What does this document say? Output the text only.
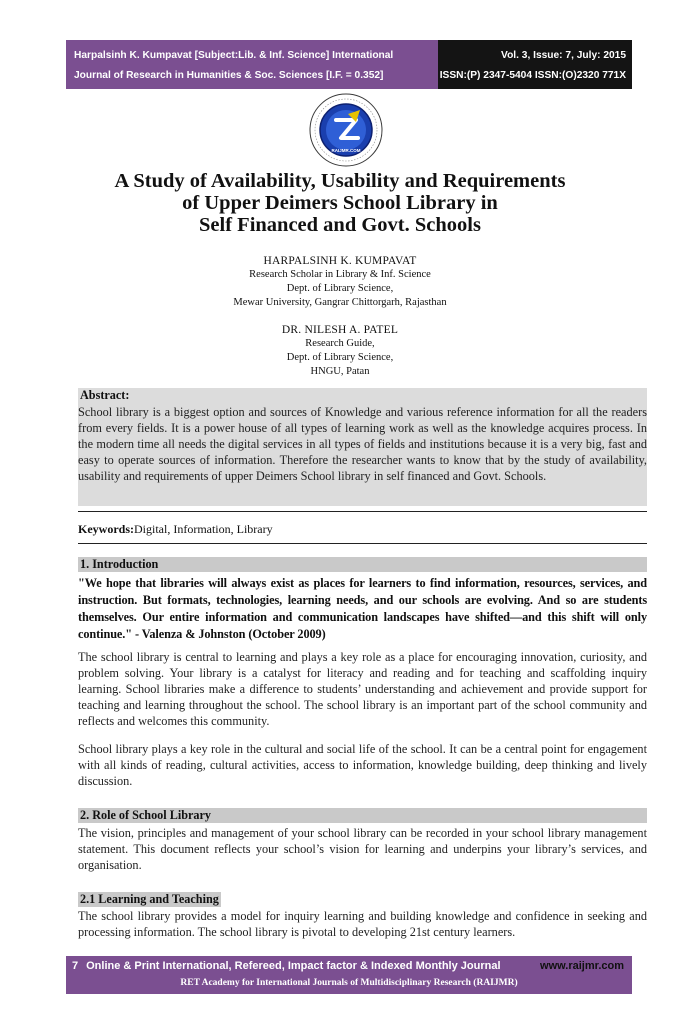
Harpalsinh K. Kumpavat [Subject:Lib. & Inf. Science] International
Journal of Research in Humanities & Soc. Sciences [I.F. = 0.352]
Vol. 3, Issue: 7, July: 2015
ISSN:(P) 2347-5404 ISSN:(O)2320 771X
RAIJMR.COM
A Study of Availability, Usability and Requirements
of Upper Deimers School Library in
Self Financed and Govt. Schools
HARPALSINH K. KUMPAVAT
Research Scholar in Library & Inf. Science
Dept. of Library Science,
Mewar University, Gangrar Chittorgarh, Rajasthan
DR. NILESH A. PATEL
Research Guide,
Dept. of Library Science,
HNGU, Patan
Abstract:

School library is a biggest option and sources of Knowledge and various reference information for all the readers from every fields. It is a power house of all types of learning work as well as the knowledge acquires process. In the modern time all needs the digital services in all types of fields and institutions because it is a very big, fast and easy to operate sources of information. Therefore the researcher wants to know that by the study of availability, usability and requirements of upper Deimers School library in self financed and Govt. Schools.

Keywords:Digital, Information, Library
1. Introduction

"We hope that libraries will always exist as places for learners to find information, resources, services, and instruction. But formats, technologies, learning needs, and our schools are evolving. And so are students themselves. Our entire information and communication landscapes have shifted—and this shift will only continue." - Valenza & Johnston (October 2009)

The school library is central to learning and plays a key role as a place for encouraging innovation, curiosity, and problem solving. Your library is a catalyst for literacy and reading and for teaching and scaffolding inquiry learning. School libraries make a difference to students’ understanding and achievement and provide support for teaching and learning throughout the school. The school library is an important part of the school community and reflects and welcomes this community.

School library plays a key role in the cultural and social life of the school. It can be a central point for engagement with all kinds of reading, cultural activities, access to information, knowledge building, deep thinking and lively discussion.

2. Role of School Library

The vision, principles and management of your school library can be recorded in your school library management statement. This document reflects your school’s vision for learning and underpins your library’s services, and organisation.

2.1 Learning and Teaching

The school library provides a model for inquiry learning and building knowledge and confidence in seeking and processing information. The school library is pivotal to developing 21st century learners.

7 Online & Print International, Refereed, Impact factor & Indexed Monthly Journal	www.raijmr.com
RET Academy for International Journals of Multidisciplinary Research (RAIJMR)
